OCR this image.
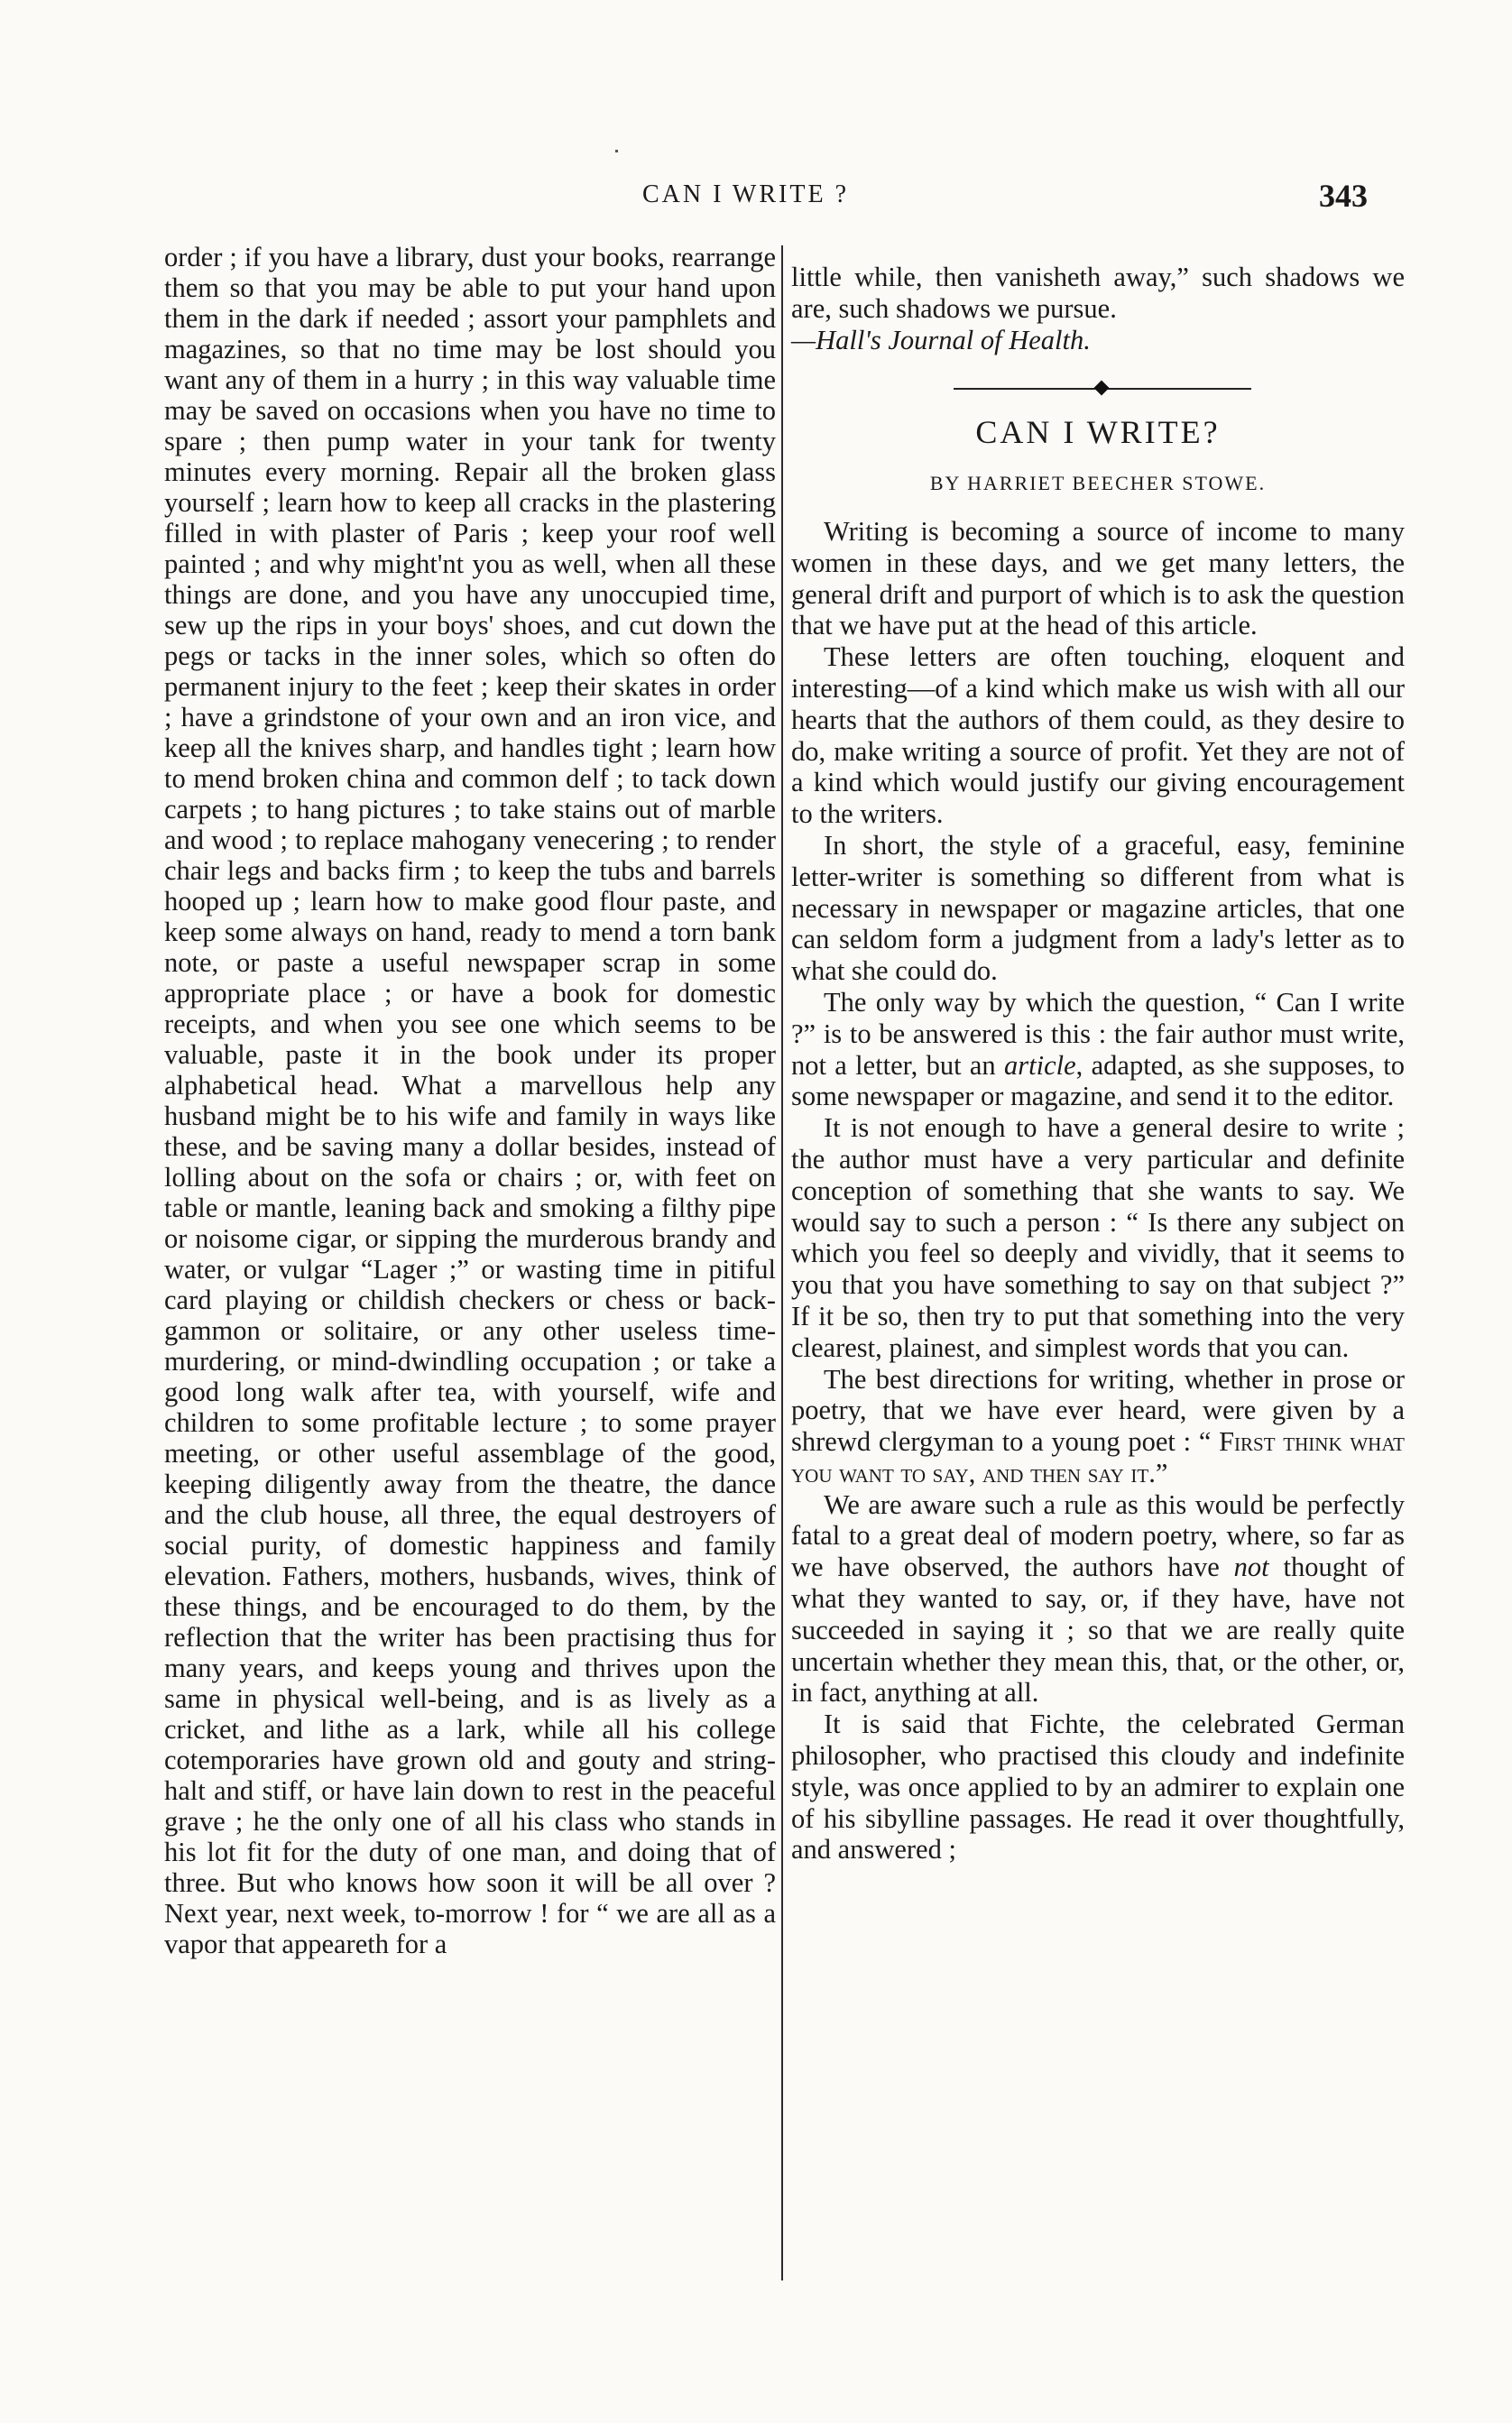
CAN I WRITE ?	343

order ; if you have a library, dust your books, rearrange them so that you may be able to put your hand upon them in the dark if needed ; assort your pamphlets and magazines, so that no time may be lost should you want any of them in a hurry ; in this way valuable time may be saved on occasions when you have no time to spare ; then pump water in your tank for twenty minutes every morning. Repair all the broken glass yourself ; learn how to keep all cracks in the plastering filled in with plaster of Paris ; keep your roof well painted ; and why might'nt you as well, when all these things are done, and you have any unoccupied time, sew up the rips in your boys' shoes, and cut down the pegs or tacks in the inner soles, which so often do permanent injury to the feet ; keep their skates in order ; have a grindstone of your own and an iron vice, and keep all the knives sharp, and handles tight ; learn how to mend broken china and common delf ; to tack down carpets ; to hang pictures ; to take stains out of marble and wood ; to replace mahogany venecering ; to render chair legs and backs firm ; to keep the tubs and barrels hooped up ; learn how to make good flour paste, and keep some always on hand, ready to mend a torn bank note, or paste a useful newspaper scrap in some appropriate place ; or have a book for domestic receipts, and when you see one which seems to be valuable, paste it in the book under its proper alphabetical head. What a marvellous help any husband might be to his wife and family in ways like these, and be saving many a dollar besides, instead of lolling about on the sofa or chairs ; or, with feet on table or mantle, leaning back and smoking a filthy pipe or noisome cigar, or sipping the murderous brandy and water, or vulgar “Lager ;” or wasting time in pitiful card playing or childish checkers or chess or back-gammon or solitaire, or any other useless time-murdering, or mind-dwindling occupation ; or take a good long walk after tea, with yourself, wife and children to some profitable lecture ; to some prayer meeting, or other useful assemblage of the good, keeping diligently away from the theatre, the dance and the club house, all three, the equal destroyers of social purity, of domestic happiness and family elevation. Fathers, mothers, husbands, wives, think of these things, and be encouraged to do them, by the reflection that the writer has been practising thus for many years, and keeps young and thrives upon the same in physical well-being, and is as lively as a cricket, and lithe as a lark, while all his college cotemporaries have grown old and gouty and string-halt and stiff, or have lain down to rest in the peaceful grave ; he the only one of all his class who stands in his lot fit for the duty of one man, and doing that of three. But who knows how soon it will be all over ? Next year, next week, to-morrow ! for “ we are all as a vapor that appeareth for a

little while, then vanisheth away,” such shadows we are, such shadows we pursue.

—Hall's Journal of Health.

CAN I WRITE?
BY HARRIET BEECHER STOWE.

Writing is becoming a source of income to many women in these days, and we get many letters, the general drift and purport of which is to ask the question that we have put at the head of this article.

These letters are often touching, eloquent and interesting—of a kind which make us wish with all our hearts that the authors of them could, as they desire to do, make writing a source of profit. Yet they are not of a kind which would justify our giving encouragement to the writers.

In short, the style of a graceful, easy, feminine letter-writer is something so different from what is necessary in newspaper or magazine articles, that one can seldom form a judgment from a lady's letter as to what she could do.

The only way by which the question, “ Can I write ?” is to be answered is this : the fair author must write, not a letter, but an article, adapted, as she supposes, to some newspaper or magazine, and send it to the editor.

It is not enough to have a general desire to write ; the author must have a very particular and definite conception of something that she wants to say. We would say to such a person : “ Is there any subject on which you feel so deeply and vividly, that it seems to you that you have something to say on that subject ?” If it be so, then try to put that something into the very clearest, plainest, and simplest words that you can.

The best directions for writing, whether in prose or poetry, that we have ever heard, were given by a shrewd clergyman to a young poet : “ First think what you want to say, and then say it.”

We are aware such a rule as this would be perfectly fatal to a great deal of modern poetry, where, so far as we have observed, the authors have not thought of what they wanted to say, or, if they have, have not succeeded in saying it ; so that we are really quite uncertain whether they mean this, that, or the other, or, in fact, anything at all.

It is said that Fichte, the celebrated German philosopher, who practised this cloudy and indefinite style, was once applied to by an admirer to explain one of his sibylline passages. He read it over thoughtfully, and answered ;
